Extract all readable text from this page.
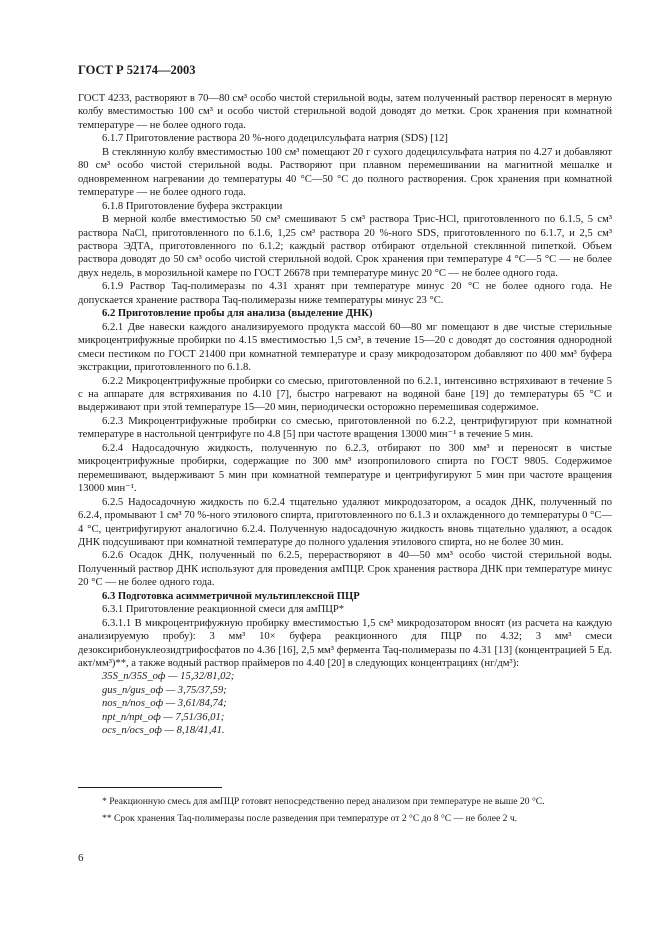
ГОСТ Р 52174—2003

ГОСТ 4233, растворяют в 70—80 см³ особо чистой стерильной воды, затем полученный раствор переносят в мерную колбу вместимостью 100 см³ и особо чистой стерильной водой доводят до метки. Срок хранения при комнатной температуре — не более одного года.

6.1.7 Приготовление раствора 20 %-ного додецилсульфата натрия (SDS) [12]

В стеклянную колбу вместимостью 100 см³ помещают 20 г сухого додецилсульфата натрия по 4.27 и добавляют 80 см³ особо чистой стерильной воды. Растворяют при плавном перемешивании на магнитной мешалке и одновременном нагревании до температуры 40 °С—50 °С до полного растворения. Срок хранения при комнатной температуре — не более одного года.

6.1.8 Приготовление буфера экстракции

В мерной колбе вместимостью 50 см³ смешивают 5 см³ раствора Трис-HCl, приготовленного по 6.1.5, 5 см³ раствора NaCl, приготовленного по 6.1.6, 1,25 см³ раствора 20 %-ного SDS, приготовленного по 6.1.7, и 2,5 см³ раствора ЭДТА, приготовленного по 6.1.2; каждый раствор отбирают отдельной стеклянной пипеткой. Объем раствора доводят до 50 см³ особо чистой стерильной водой. Срок хранения при температуре 4 °С—5 °С — не более двух недель, в морозильной камере по ГОСТ 26678 при температуре минус 20 °С — не более одного года.

6.1.9 Раствор Taq-полимеразы по 4.31 хранят при температуре минус 20 °С не более одного года. Не допускается хранение раствора Taq-полимеразы ниже температуры минус 23 °С.

6.2 Приготовление пробы для анализа (выделение ДНК)

6.2.1 Две навески каждого анализируемого продукта массой 60—80 мг помещают в две чистые стерильные микроцентрифужные пробирки по 4.15 вместимостью 1,5 см³, в течение 15—20 с доводят до состояния однородной смеси пестиком по ГОСТ 21400 при комнатной температуре и сразу микродозатором добавляют по 400 мм³ буфера экстракции, приготовленного по 6.1.8.

6.2.2 Микроцентрифужные пробирки со смесью, приготовленной по 6.2.1, интенсивно встряхивают в течение 5 с на аппарате для встряхивания по 4.10 [7], быстро нагревают на водяной бане [19] до температуры 65 °С и выдерживают при этой температуре 15—20 мин, периодически осторожно перемешивая содержимое.

6.2.3 Микроцентрифужные пробирки со смесью, приготовленной по 6.2.2, центрифугируют при комнатной температуре в настольной центрифуге по 4.8 [5] при частоте вращения 13000 мин⁻¹ в течение 5 мин.

6.2.4 Надосадочную жидкость, полученную по 6.2.3, отбирают по 300 мм³ и переносят в чистые микроцентрифужные пробирки, содержащие по 300 мм³ изопропилового спирта по ГОСТ 9805. Содержимое перемешивают, выдерживают 5 мин при комнатной температуре и центрифугируют 5 мин при частоте вращения 13000 мин⁻¹.

6.2.5 Надосадочную жидкость по 6.2.4 тщательно удаляют микродозатором, а осадок ДНК, полученный по 6.2.4, промывают 1 см³ 70 %-ного этилового спирта, приготовленного по 6.1.3 и охлажденного до температуры 0 °С—4 °С, центрифугируют аналогично 6.2.4. Полученную надосадочную жидкость вновь тщательно удаляют, а осадок ДНК подсушивают при комнатной температуре до полного удаления этилового спирта, но не более 30 мин.

6.2.6 Осадок ДНК, полученный по 6.2.5, перерастворяют в 40—50 мм³ особо чистой стерильной воды. Полученный раствор ДНК используют для проведения амПЦР. Срок хранения раствора ДНК при температуре минус 20 °С — не более одного года.

6.3 Подготовка асимметричной мультиплексной ПЦР

6.3.1 Приготовление реакционной смеси для амПЦР*

6.3.1.1 В микроцентрифужную пробирку вместимостью 1,5 см³ микродозатором вносят (из расчета на каждую анализируемую пробу): 3 мм³ 10× буфера реакционного для ПЦР по 4.32; 3 мм³ смеси дезоксирибонуклеозидтрифосфатов по 4.36 [16], 2,5 мм³ фермента Taq-полимеразы по 4.31 [13] (концентрацией 5 Ед. акт/мм³)**, а также водный раствор праймеров по 4.40 [20] в следующих концентрациях (нг/дм³):

35S_п/35S_оф — 15,32/81,02;

gus_п/gus_оф — 3,75/37,59;

nos_п/nos_оф — 3,61/84,74;

npt_п/npt_оф — 7,51/36,01;

ocs_п/ocs_оф — 8,18/41,41.

* Реакционную смесь для амПЦР готовят непосредственно перед анализом при температуре не выше 20 °С.

** Срок хранения Taq-полимеразы после разведения при температуре от 2 °С до 8 °С — не более 2 ч.

6
